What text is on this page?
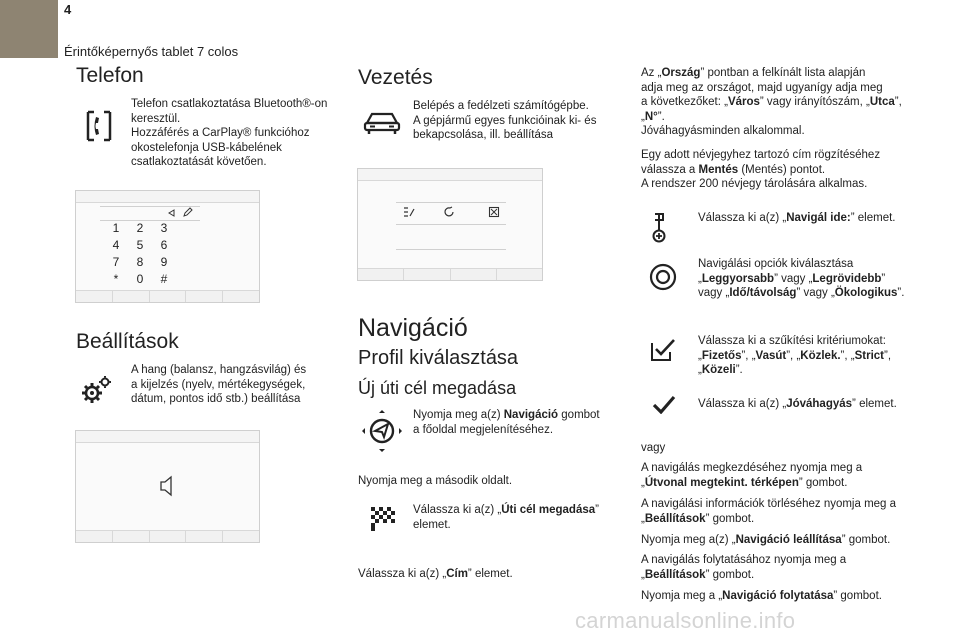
4
Érintőképernyős tablet 7 colos
Telefon
Telefon csatlakoztatása Bluetooth®-on
keresztül.
Hozzáférés a CarPlay® funkcióhoz
okostelefonja USB-kábelének
csatlakoztatását követően.
1	2	3
4	5	6
7	8	9
*	0	#
Beállítások
A hang (balansz, hangzásvilág) és
a kijelzés (nyelv, mértékegységek,
dátum, pontos idő stb.) beállítása
Vezetés
Belépés a fedélzeti számítógépbe.
A gépjármű egyes funkcióinak ki- és
bekapcsolása, ill. beállítása
Navigáció
Profil kiválasztása
Új úti cél megadása
Nyomja meg a(z) Navigáció gombot
a főoldal megjelenítéséhez.
Nyomja meg a második oldalt.
Válassza ki a(z) „Úti cél megadása”
elemet.
Válassza ki a(z) „Cím” elemet.
Az „Ország” pontban a felkínált lista alapján
adja meg az országot, majd ugyanígy adja meg
a következőket: „Város” vagy irányítószám, „Utca”,
„N°”.
Jóváhagyásminden alkalommal.
Egy adott névjegyhez tartozó cím rögzítéséhez
válassza a Mentés (Mentés) pontot.
A rendszer 200 névjegy tárolására alkalmas.
Válassza ki a(z) „Navigál ide:” elemet.
Navigálási opciók kiválasztása
„Leggyorsabb” vagy „Legrövidebb”
vagy „Idő/távolság” vagy „Ökologikus”.
Válassza ki a szűkítési kritériumokat:
„Fizetős”, „Vasút”, „Közlek.”, „Strict”,
„Közeli”.
Válassza ki a(z) „Jóváhagyás” elemet.
vagy
A navigálás megkezdéséhez nyomja meg a
„Útvonal megtekint. térképen” gombot.
A navigálási információk törléséhez nyomja meg a
„Beállítások” gombot.
Nyomja meg a(z) „Navigáció leállítása” gombot.
A navigálás folytatásához nyomja meg a
„Beállítások” gombot.
Nyomja meg a „Navigáció folytatása” gombot.
carmanualsonline.info
